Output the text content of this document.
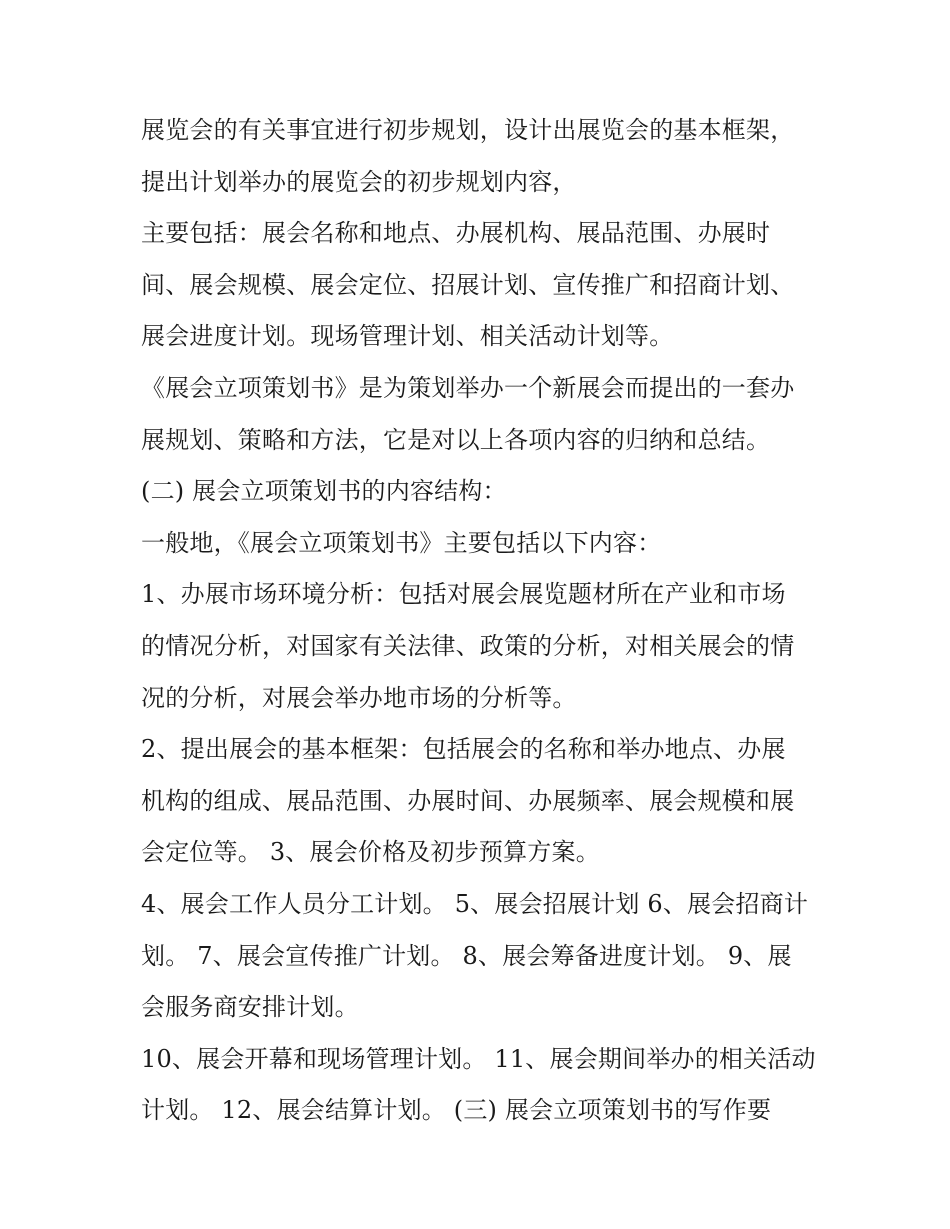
展览会的有关事宜进行初步规划，设计出展览会的基本框架，
提出计划举办的展览会的初步规划内容，
主要包括：展会名称和地点、办展机构、展品范围、办展时
间、展会规模、展会定位、招展计划、宣传推广和招商计划、
展会进度计划。现场管理计划、相关活动计划等。
《展会立项策划书》是为策划举办一个新展会而提出的一套办
展规划、策略和方法，它是对以上各项内容的归纳和总结。
(二) 展会立项策划书的内容结构：
一般地，《展会立项策划书》主要包括以下内容：
1、办展市场环境分析：包括对展会展览题材所在产业和市场
的情况分析，对国家有关法律、政策的分析，对相关展会的情
况的分析，对展会举办地市场的分析等。
2、提出展会的基本框架：包括展会的名称和举办地点、办展
机构的组成、展品范围、办展时间、办展频率、展会规模和展
会定位等。 3、展会价格及初步预算方案。
4、展会工作人员分工计划。 5、展会招展计划 6、展会招商计
划。 7、展会宣传推广计划。 8、展会筹备进度计划。 9、展
会服务商安排计划。
10、展会开幕和现场管理计划。 11、展会期间举办的相关活动
计划。 12、展会结算计划。 (三) 展会立项策划书的写作要
